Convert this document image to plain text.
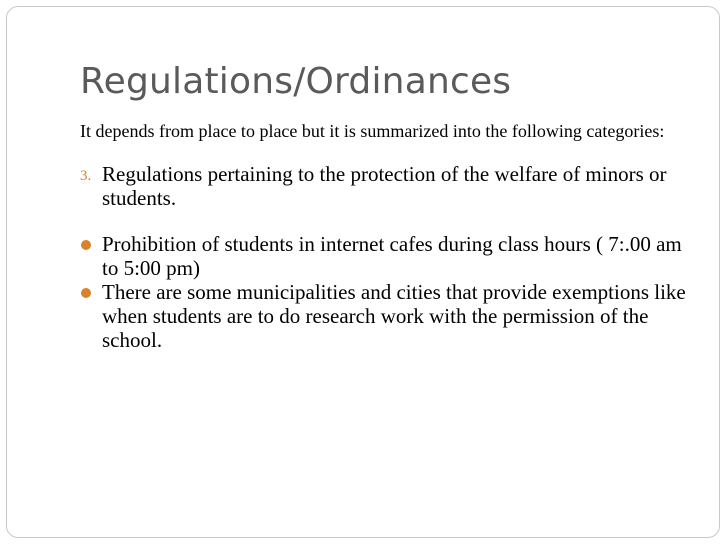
Regulations/Ordinances

It depends from place to place but it is summarized into the following categories:

3. Regulations pertaining to the protection of the welfare of minors or students.
Prohibition of students in internet cafes during class hours ( 7:.00 am to 5:00 pm)
There are some municipalities and cities that provide exemptions like when students are to do research work with the permission of the school.
